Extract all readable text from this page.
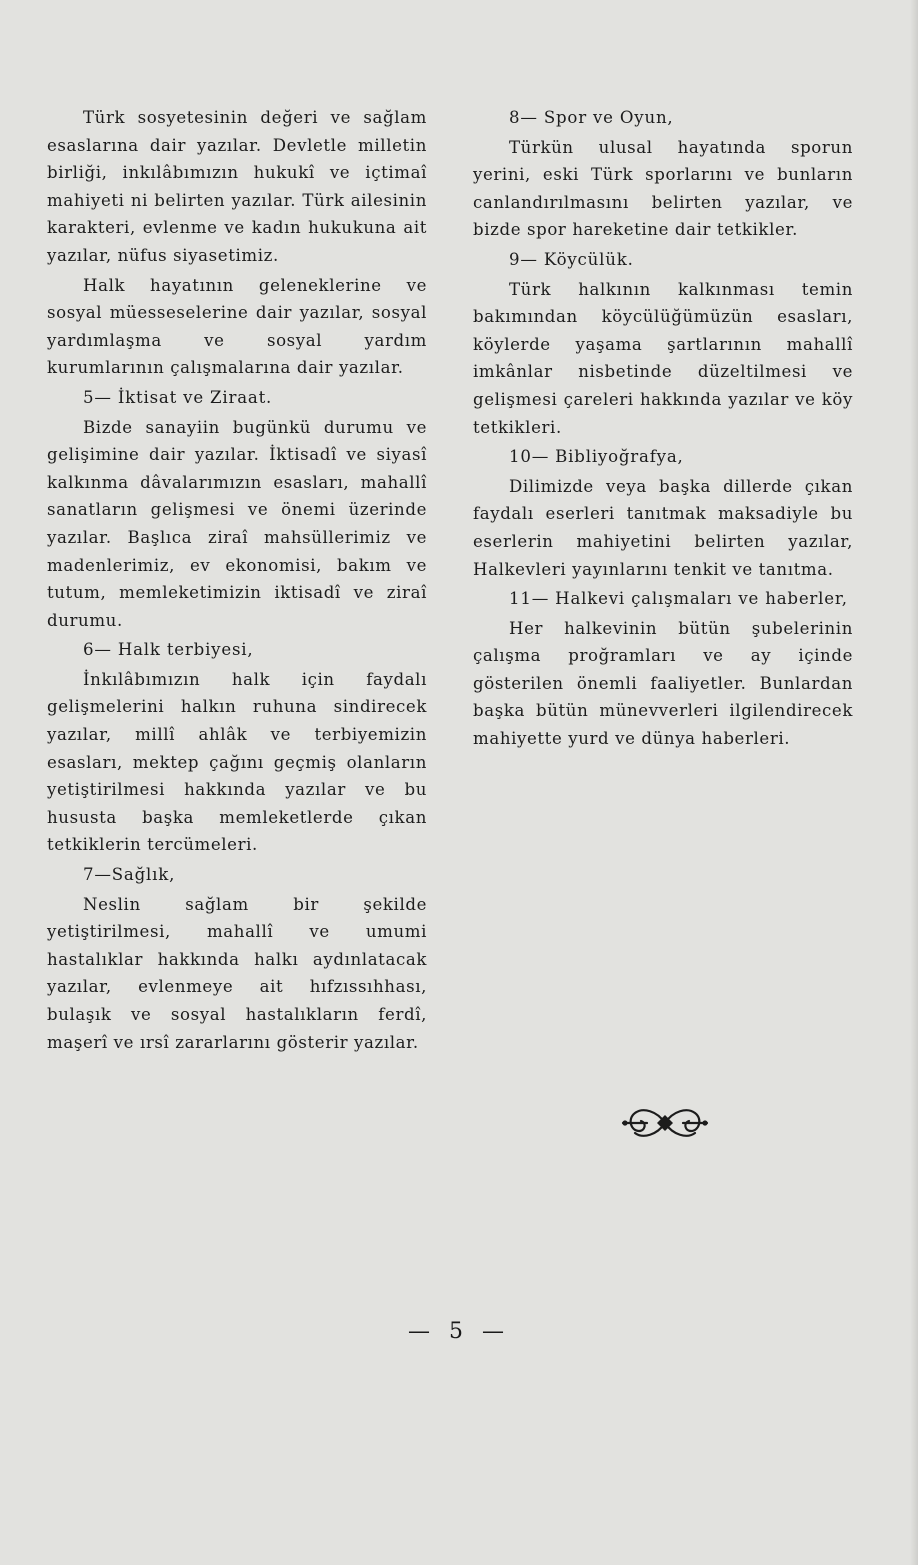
Türk sosyetesinin değeri ve sağlam esaslarına dair yazılar. Devletle milletin birliği, inkılâbımızın hukukî ve içtimaî mahiyeti ni belirten yazılar. Türk ailesinin karakteri, evlenme ve kadın hukukuna ait yazılar, nüfus siyasetimiz.

Halk hayatının geleneklerine ve sosyal müesseselerine dair yazılar, sosyal yardımlaşma ve sosyal yardım kurumlarının çalışmalarına dair yazılar.

5— İktisat ve Ziraat.

Bizde sanayiin bugünkü durumu ve gelişimine dair yazılar. İktisadî ve siyasî kalkınma dâvalarımızın esasları, mahallî sanatların gelişmesi ve önemi üzerinde yazılar. Başlıca ziraî mahsüllerimiz ve madenlerimiz, ev ekonomisi, bakım ve tutum, memleketimizin iktisadî ve ziraî durumu.

6— Halk terbiyesi,

İnkılâbımızın halk için faydalı gelişmelerini halkın ruhuna sindirecek yazılar, millî ahlâk ve terbiyemizin esasları, mektep çağını geçmiş olanların yetiştirilmesi hakkında yazılar ve bu hususta başka memleketlerde çıkan tetkiklerin tercümeleri.

7—Sağlık,

Neslin sağlam bir şekilde yetiştirilmesi, mahallî ve umumi hastalıklar hakkında halkı aydınlatacak yazılar, evlenmeye ait hıfzıssıhhası, bulaşık ve sosyal hastalıkların ferdî, maşerî ve ırsî zararlarını gösterir yazılar.

8— Spor ve Oyun,

Türkün ulusal hayatında sporun yerini, eski Türk sporlarını ve bunların canlandırılmasını belirten yazılar, ve bizde spor hareketine dair tetkikler.

9— Köycülük.

Türk halkının kalkınması temin bakımından köycülüğümüzün esasları, köylerde yaşama şartlarının mahallî imkânlar nisbetinde düzeltilmesi ve gelişmesi çareleri hakkında yazılar ve köy tetkikleri.

10— Bibliyoğrafya,

Dilimizde veya başka dillerde çıkan faydalı eserleri tanıtmak maksadiyle bu eserlerin mahiyetini belirten yazılar, Halkevleri yayınlarını tenkit ve tanıtma.

11— Halkevi çalışmaları ve haberler,

Her halkevinin bütün şubelerinin çalışma proğramları ve ay içinde gösterilen önemli faaliyetler. Bunlardan başka bütün münevverleri ilgilendirecek mahiyette yurd ve dünya haberleri.

— 5 —
